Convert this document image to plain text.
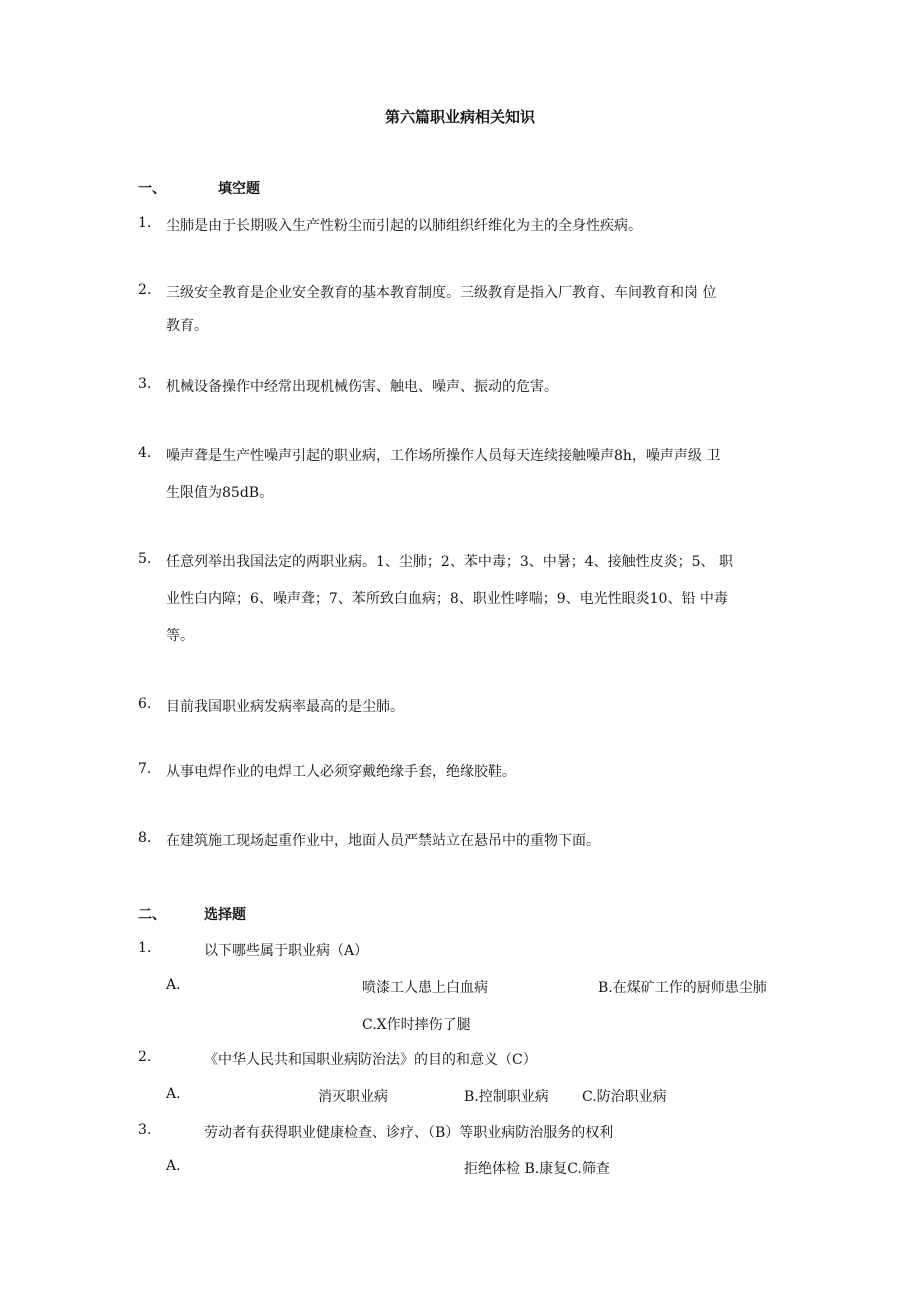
第六篇职业病相关知识
一、	填空题
1. 尘肺是由于长期吸入生产性粉尘而引起的以肺组织纤维化为主的全身性疾病。
2. 三级安全教育是企业安全教育的基本教育制度。三级教育是指入厂教育、车间教育和岗 位
教育。
3. 机械设备操作中经常出现机械伤害、触电、噪声、振动的危害。
4. 噪声聋是生产性噪声引起的职业病，工作场所操作人员每天连续接触噪声8h，噪声声级 卫
生限值为85dB。
5. 任意列举出我国法定的两职业病。1、尘肺；2、苯中毒；3、中暑；4、接触性皮炎；5、 职
业性白内障；6、噪声聋；7、苯所致白血病；8、职业性哮喘；9、电光性眼炎10、铅 中毒
等。
6. 目前我国职业病发病率最高的是尘肺。
7. 从事电焊作业的电焊工人必须穿戴绝缘手套，绝缘胶鞋。
8. 在建筑施工现场起重作业中，地面人员严禁站立在悬吊中的重物下面。
二、	选择题
1.	以下哪些属于职业病（A）
A.	喷漆工人患上白血病	B.在煤矿工作的厨师患尘肺
C.X作时摔伤了腿
2.	《中华人民共和国职业病防治法》的目的和意义（C）
A.	消灭职业病	B.控制职业病 C.防治职业病
3.	劳动者有获得职业健康检查、诊疗、（B）等职业病防治服务的权利
A.	拒绝体检 B.康复C.筛查
